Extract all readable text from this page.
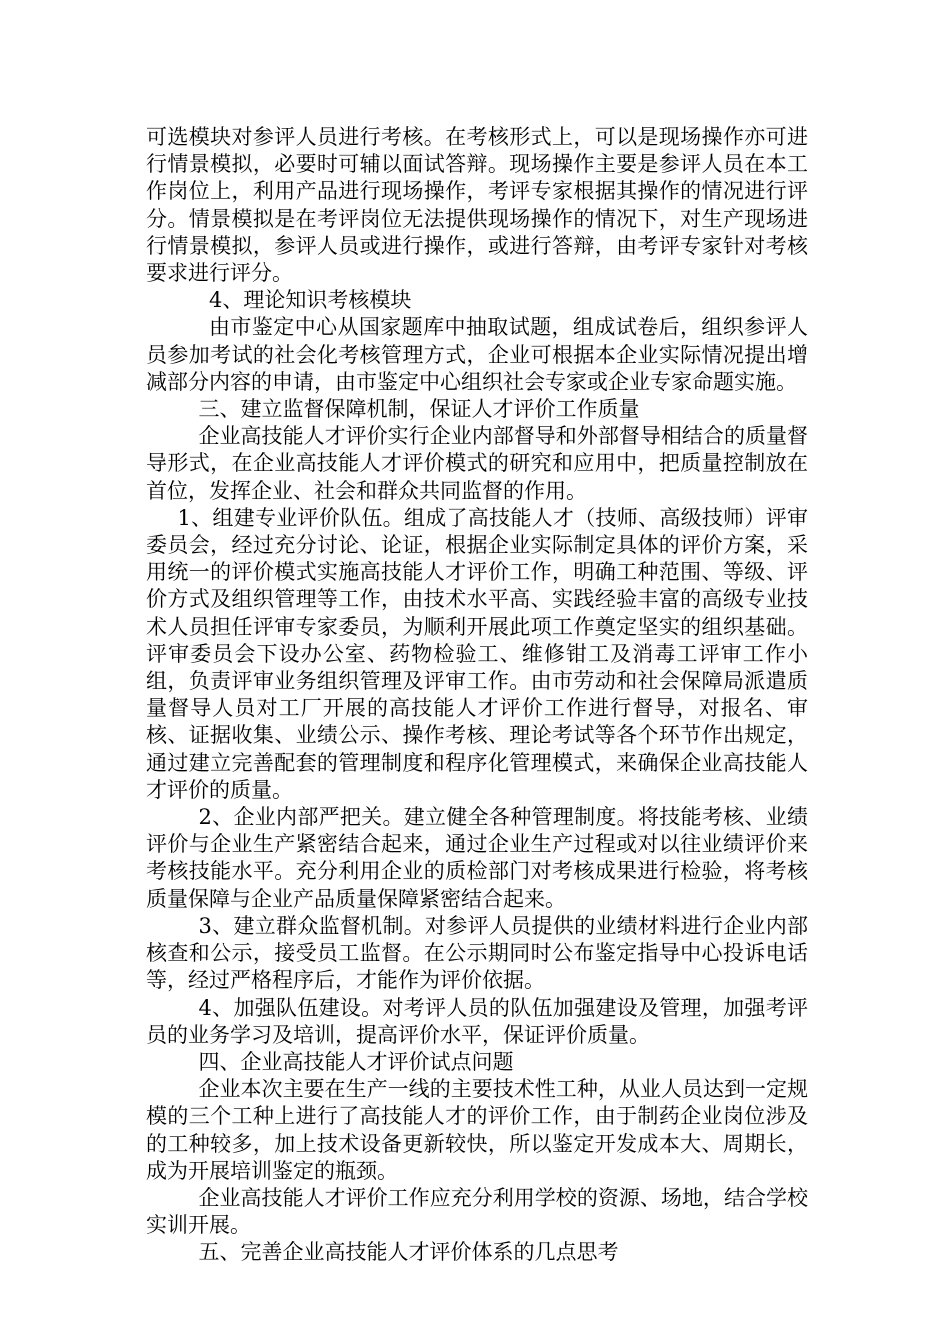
可选模块对参评人员进行考核。在考核形式上，可以是现场操作亦可进行情景模拟，必要时可辅以面试答辩。现场操作主要是参评人员在本工作岗位上，利用产品进行现场操作，考评专家根据其操作的情况进行评分。情景模拟是在考评岗位无法提供现场操作的情况下，对生产现场进行情景模拟，参评人员或进行操作，或进行答辩，由考评专家针对考核要求进行评分。

4、理论知识考核模块

由市鉴定中心从国家题库中抽取试题，组成试卷后，组织参评人员参加考试的社会化考核管理方式，企业可根据本企业实际情况提出增减部分内容的申请，由市鉴定中心组织社会专家或企业专家命题实施。

三、建立监督保障机制，保证人才评价工作质量

企业高技能人才评价实行企业内部督导和外部督导相结合的质量督导形式，在企业高技能人才评价模式的研究和应用中，把质量控制放在首位，发挥企业、社会和群众共同监督的作用。

1、组建专业评价队伍。组成了高技能人才（技师、高级技师）评审委员会，经过充分讨论、论证，根据企业实际制定具体的评价方案，采用统一的评价模式实施高技能人才评价工作，明确工种范围、等级、评价方式及组织管理等工作，由技术水平高、实践经验丰富的高级专业技术人员担任评审专家委员，为顺利开展此项工作奠定坚实的组织基础。评审委员会下设办公室、药物检验工、维修钳工及消毒工评审工作小组，负责评审业务组织管理及评审工作。由市劳动和社会保障局派遣质量督导人员对工厂开展的高技能人才评价工作进行督导，对报名、审核、证据收集、业绩公示、操作考核、理论考试等各个环节作出规定，通过建立完善配套的管理制度和程序化管理模式，来确保企业高技能人才评价的质量。

2、企业内部严把关。建立健全各种管理制度。将技能考核、业绩评价与企业生产紧密结合起来，通过企业生产过程或对以往业绩评价来考核技能水平。充分利用企业的质检部门对考核成果进行检验，将考核质量保障与企业产品质量保障紧密结合起来。

3、建立群众监督机制。对参评人员提供的业绩材料进行企业内部核查和公示，接受员工监督。在公示期同时公布鉴定指导中心投诉电话等，经过严格程序后，才能作为评价依据。

4、加强队伍建设。对考评人员的队伍加强建设及管理，加强考评员的业务学习及培训，提高评价水平，保证评价质量。

四、企业高技能人才评价试点问题

企业本次主要在生产一线的主要技术性工种，从业人员达到一定规模的三个工种上进行了高技能人才的评价工作，由于制药企业岗位涉及的工种较多，加上技术设备更新较快，所以鉴定开发成本大、周期长，成为开展培训鉴定的瓶颈。

企业高技能人才评价工作应充分利用学校的资源、场地，结合学校实训开展。

五、完善企业高技能人才评价体系的几点思考
